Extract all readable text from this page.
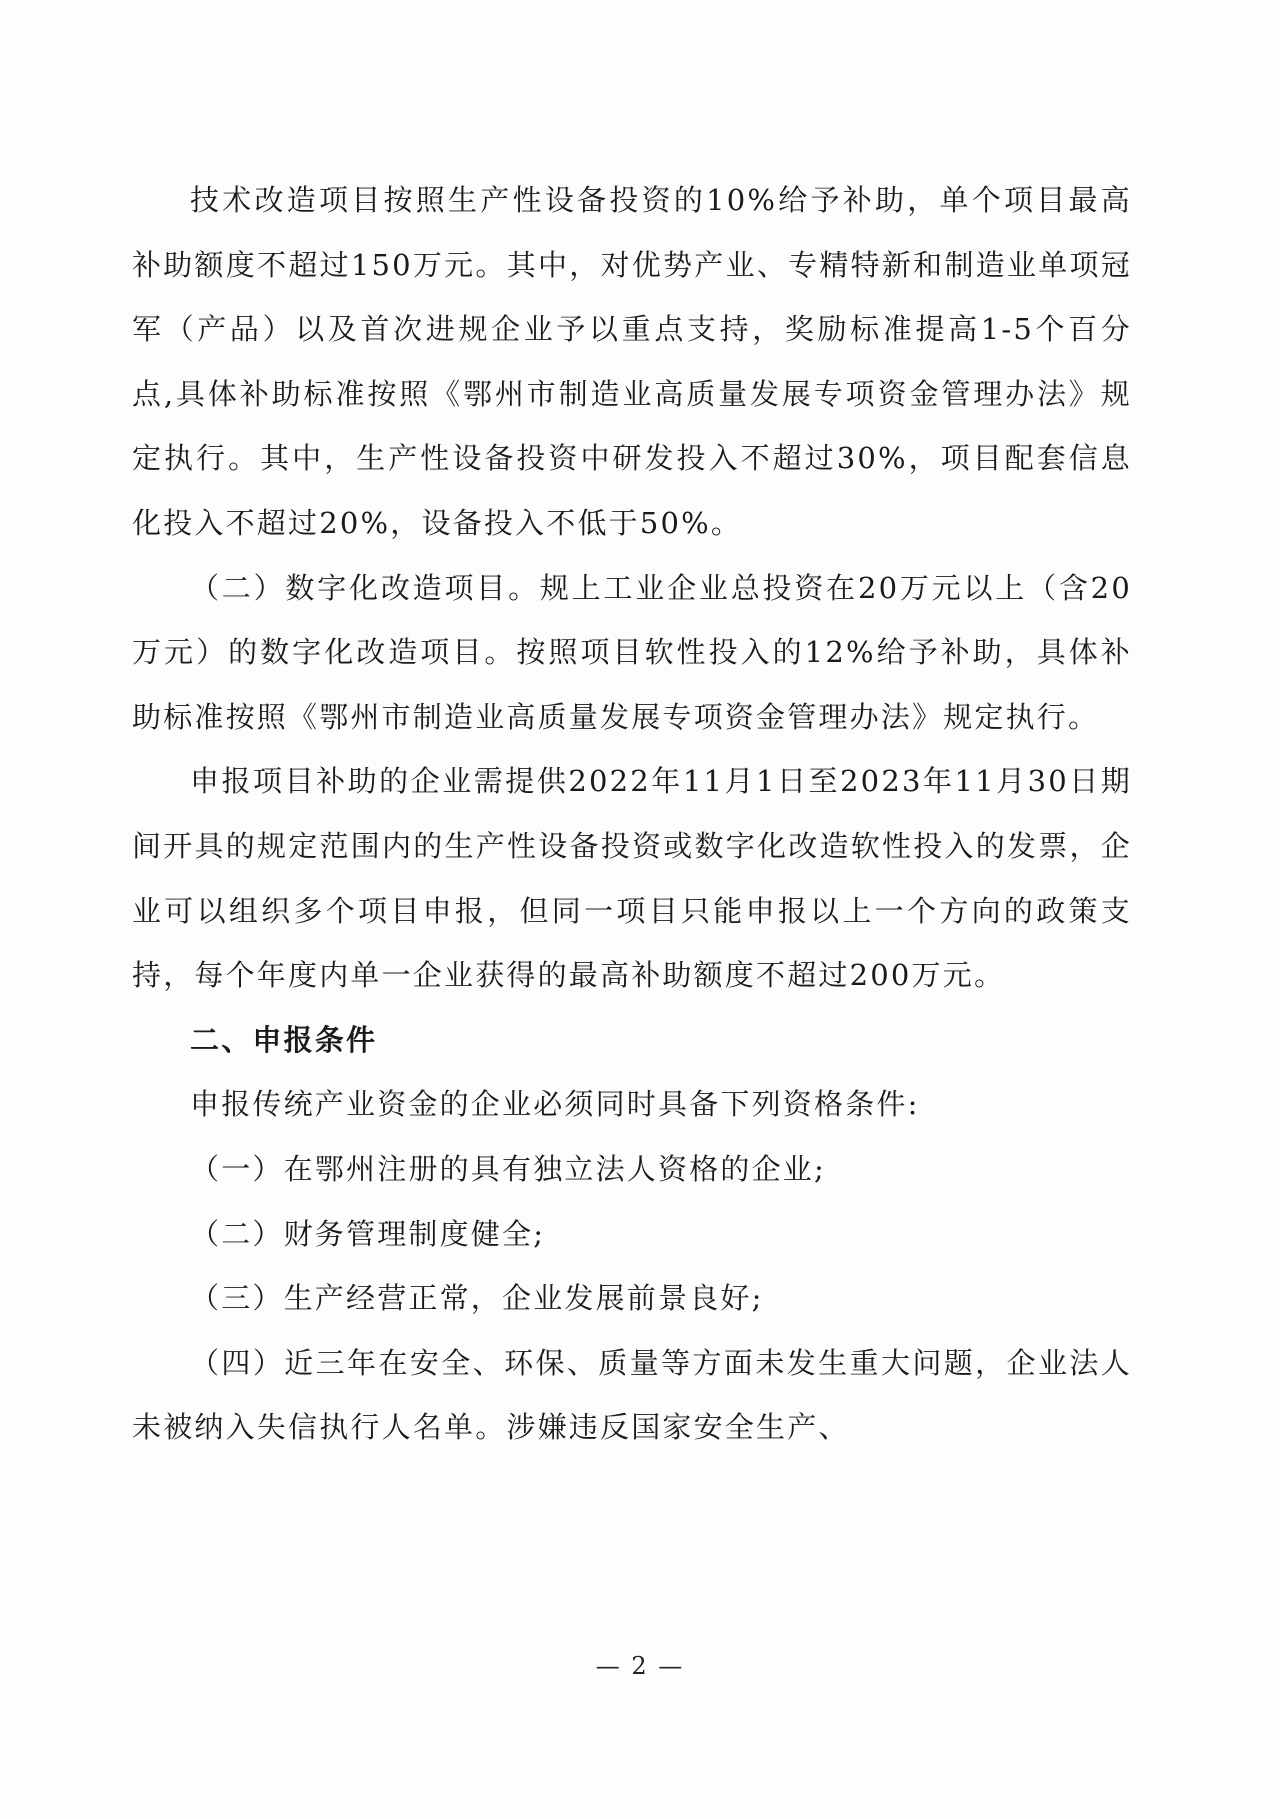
技术改造项目按照生产性设备投资的10%给予补助，单个项目最高补助额度不超过150万元。其中，对优势产业、专精特新和制造业单项冠军（产品）以及首次进规企业予以重点支持，奖励标准提高1-5个百分点,具体补助标准按照《鄂州市制造业高质量发展专项资金管理办法》规定执行。其中，生产性设备投资中研发投入不超过30%，项目配套信息化投入不超过20%，设备投入不低于50%。

（二）数字化改造项目。规上工业企业总投资在20万元以上（含20万元）的数字化改造项目。按照项目软性投入的12%给予补助，具体补助标准按照《鄂州市制造业高质量发展专项资金管理办法》规定执行。

申报项目补助的企业需提供2022年11月1日至2023年11月30日期间开具的规定范围内的生产性设备投资或数字化改造软性投入的发票，企业可以组织多个项目申报，但同一项目只能申报以上一个方向的政策支持，每个年度内单一企业获得的最高补助额度不超过200万元。

二、申报条件

申报传统产业资金的企业必须同时具备下列资格条件:

（一）在鄂州注册的具有独立法人资格的企业;

（二）财务管理制度健全;

（三）生产经营正常，企业发展前景良好;

（四）近三年在安全、环保、质量等方面未发生重大问题，企业法人未被纳入失信执行人名单。涉嫌违反国家安全生产、

— 2 —
